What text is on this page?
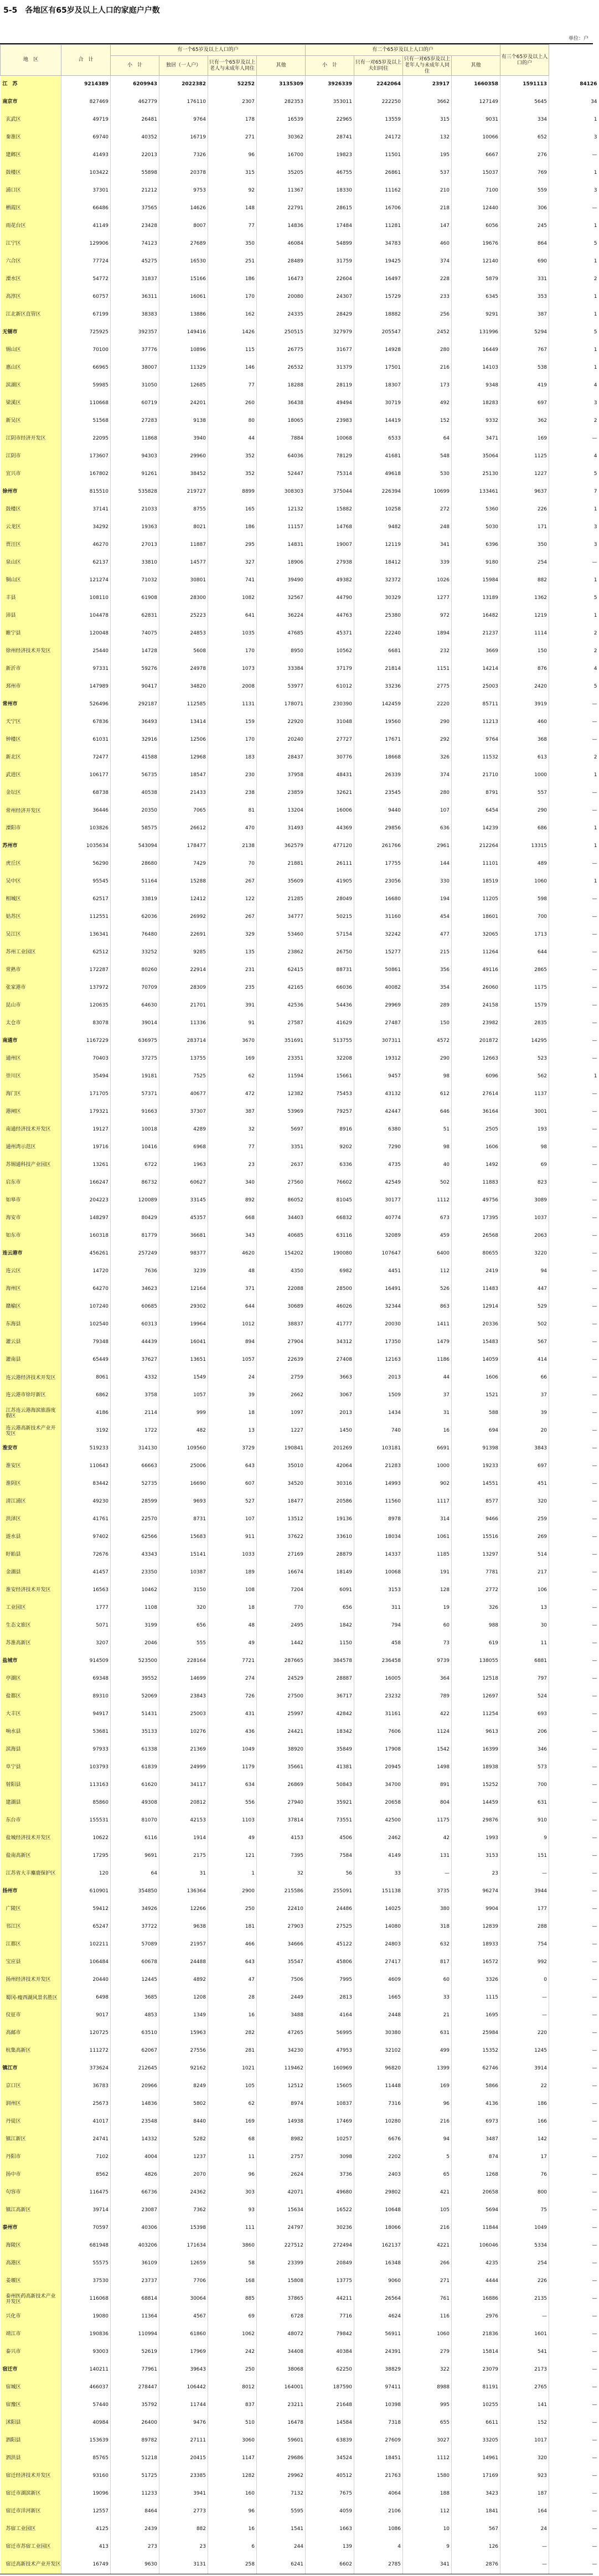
5-5　各地区有65岁及以上人口的家庭户户数
单位：户
地　区	合　计	有一个65岁及以上人口的户				有二个65岁及以上人口的户				有三个65岁及以上人口的户	
		小　计	独居（一人户）	只有一个65岁及以上老人与未成年人同住	其他	小　计	只有一对65岁及以上夫妇同住	只有一对65岁及以上老年人与未成年人同住	其他		
江　苏	9214389	6209943	2022382	52252	3135309	3926339	2242064	23917	1660358	1591113	84126
南京市	827469	462779	176110	2307	282353	353011	222250	3662	127149	5645	34
玄武区	49719	26481	9764	178	16539	22965	13559	315	9031	334	1
秦淮区	69740	40352	16719	271	30362	28741	24172	132	10066	652	3
建邺区	41493	22013	7326	96	16700	19823	11501	195	6667	276	—
鼓楼区	103422	55898	20378	315	35205	46755	26861	537	15037	769	1
浦口区	37301	21212	9753	92	11367	18330	11162	210	7100	559	3
栖霞区	66486	37565	14626	148	22791	28615	16706	218	12440	306	—
雨花台区	41149	23428	8007	77	14836	17484	11281	147	6056	245	1
江宁区	129906	74123	27689	350	46084	54899	34783	460	19676	864	5
六合区	77724	45275	16530	251	28489	31759	19425	374	12140	690	1
溧水区	54772	31837	15166	186	16473	22604	16497	228	5879	331	2
高淳区	60757	36311	16061	170	20080	24307	15729	233	6345	353	1
江北新区直管区	67199	38383	13886	162	24335	28429	18882	256	9291	387	1
无锡市	725925	392357	149416	1426	250515	327979	205547	2452	131996	5294	5
锡山区	70100	37776	10896	115	26775	31677	14928	280	16449	767	1
惠山区	66965	38007	11329	146	26532	31379	17501	216	14103	538	1
滨湖区	59985	31050	12685	77	18288	28119	18307	173	9348	419	4
梁溪区	110668	60719	24201	260	36438	49494	30719	492	18283	697	3
新吴区	51568	27283	9138	80	18065	23983	14419	152	9332	362	2
江阴市经济开发区	22095	11868	3940	44	7884	10068	6533	64	3471	169	—
江阴市	173607	94303	29960	352	64036	78129	41681	548	35064	1125	4
宜兴市	167802	91261	38452	352	52447	75314	49618	530	25130	1227	5
徐州市	815510	535828	219727	8899	308303	375044	226394	10699	133461	9637	7
鼓楼区	37141	21033	8755	165	12132	15882	10258	272	5360	226	1
云龙区	34292	19363	8021	186	11157	14768	9482	248	5030	171	3
贾汪区	46270	27013	11887	295	14831	19007	12119	341	6396	350	3
泉山区	62137	33810	14577	327	18906	27938	18412	339	9180	254	—
铜山区	121274	71032	30801	741	39490	49382	32372	1026	15984	882	1
丰县	108110	61908	28300	1082	32567	44790	30329	1277	13189	1362	5
沛县	104478	62831	25223	641	36224	44763	25380	972	16482	1219	1
睢宁县	120048	74075	24853	1035	47685	45371	22240	1894	21237	1114	2
徐州经济技术开发区	25440	14728	5608	170	8950	10562	6681	232	3669	150	2
新沂市	97331	59276	24978	1073	33384	37179	21814	1151	14214	876	4
邳州市	147989	90417	34820	2008	53977	61012	33236	2775	25003	2420	5
常州市	526496	292187	112585	1131	178071	230390	142459	2220	85711	3919	—
天宁区	67836	36493	13414	159	22920	31048	19560	290	11213	460	—
钟楼区	61031	32916	12506	170	20240	27727	17671	292	9764	368	—
新北区	72477	41588	12968	183	28437	30776	18668	326	11532	613	2
武进区	106177	56735	18547	230	37958	48431	26339	374	21710	1000	1
金坛区	68738	40538	21433	238	23859	32621	23545	280	8791	557	—
常州经济开发区	36446	20350	7065	81	13204	16006	9440	107	6454	290	—
溧阳市	103826	58575	26612	470	31493	44369	29856	636	14239	686	1
苏州市	1035634	543094	178477	2138	362579	477120	261766	2961	212264	13315	1
虎丘区	56290	28680	7429	70	21881	26111	17755	144	11101	489	—
吴中区	95545	51164	15288	267	35609	41905	23056	330	18519	1060	1
相城区	62517	33819	12412	122	21285	28049	16680	194	11205	598	—
姑苏区	112551	62036	26992	267	34777	50215	31160	454	18601	700	—
吴江区	136341	76480	22691	329	53460	57154	32242	477	32065	1713	—
苏州工业园区	62512	33252	9285	135	23862	26750	15277	215	11264	644	—
常熟市	172287	80260	22914	231	62415	88731	50861	356	49116	2865	—
张家港市	137972	70709	28309	235	42165	66036	40082	354	26060	1175	—
昆山市	120635	64630	21701	391	42536	54436	29969	289	24158	1579	—
太仓市	83078	39014	11336	91	27587	41629	27487	150	23982	2835	—
南通市	1167229	636975	283714	3670	351691	513755	307311	4572	201872	14295	—
通州区	70403	37275	13755	169	23351	32208	19312	290	12663	523	—
崇川区	35494	19181	7525	62	11594	15661	9457	98	6096	562	1
海门区	171705	57371	40677	472	12382	75453	43132	612	27614	1137	—
港闸区	179321	91663	37307	387	53969	79257	42447	646	36164	3001	—
南通经济技术开发区	19127	10018	4289	32	5697	8916	6380	51	2505	193	—
通州湾示范区	19716	10416	6968	77	3351	9202	7290	98	1606	98	—
苏锡通科技产业园区	13261	6722	1963	23	2637	6336	4735	40	1492	69	—
启东市	166247	86732	60627	340	27560	76602	42549	502	11883	823	—
如皋市	204223	120089	33145	892	86052	81045	30177	1112	49756	3089	—
海安市	148297	80429	45357	668	34403	66832	40774	673	17395	1037	—
如东市	160318	81779	36681	343	40685	63116	32089	459	26568	2063	—
连云港市	456261	257249	98377	4620	154202	190080	107647	6400	80655	3220	—
连云区	14720	7636	3239	48	4350	6982	4451	112	2419	94	—
海州区	64270	34623	12164	371	22088	28500	16491	526	11483	447	—
赣榆区	107240	60685	29302	644	30689	46026	32344	863	12914	529	—
东海县	102540	60313	19964	1012	38837	41777	20030	1411	20336	502	—
灌云县	79348	44439	16041	894	27904	34312	17350	1479	15483	567	—
灌南县	65449	37627	13651	1057	22639	27408	12163	1186	14059	414	—
连云港经济技术开发区	8061	4332	1549	24	2759	3663	2013	44	1606	66	—
连云港市徐圩新区	6862	3758	1057	39	2662	3067	1509	37	1521	37	—
江苏连云港海滨旅游度假区	4186	2114	999	18	1097	2013	1434	31	588	39	—
连云港高新技术产业开发区	3192	1722	482	13	1227	1450	740	16	694	20	—
淮安市	519233	314130	109560	3729	190841	201269	103181	6691	91398	3843	—
淮安区	110643	66663	25006	643	35010	42064	21283	1000	19233	697	—
淮阴区	83442	52735	16690	607	34520	30316	14993	902	14551	451	—
清江浦区	49230	28599	9693	527	18477	20586	11560	1117	8577	320	—
洪泽区	41761	22570	8731	107	13512	19136	8978	314	9466	259	—
涟水县	97402	62566	15683	911	37622	33610	18034	1061	15516	269	—
盱眙县	72676	43343	15141	1033	27169	28879	14337	1185	13297	514	—
金湖县	41457	23350	10387	189	16674	18149	10068	191	7781	217	—
淮安经济技术开发区	16563	10462	3150	108	7204	6091	3153	128	2772	106	—
工业园区	1777	1108	320	18	770	656	311	19	326	13	—
生态文旅区	5071	3199	656	48	2495	1842	794	60	988	30	—
苏淮高新区	3207	2046	555	49	1442	1150	458	73	619	11	—
盐城市	914509	523500	228164	7721	287665	384578	236458	9739	138055	6881	—
亭湖区	69348	39552	14699	274	24529	28887	16005	364	12518	797	—
盐都区	89310	52069	23843	726	27500	36717	23232	789	12697	524	—
大丰区	94917	51431	25003	431	25997	42842	31161	422	11254	693	—
响水县	53681	35133	10276	436	24421	18342	7606	1124	9613	206	—
滨海县	97933	61338	21369	1049	38920	35849	17908	1542	16399	346	—
阜宁县	103793	61839	24999	1179	35661	41381	20945	1498	18938	573	—
射阳县	113163	61620	34117	634	26869	50843	34700	891	15252	700	—
建湖县	85860	49308	20812	556	27940	35921	20658	804	14459	631	—
东台市	155531	81070	42153	1103	37814	73551	42500	1175	29876	910	—
盐城经济技术开发区	10622	6116	1914	49	4153	4506	2462	42	1993	9	—
盐南高新区	17295	9691	2175	121	7395	7584	4149	131	3153	151	—
江苏省大丰麋鹿保护区	120	64	31	1	32	56	33	—	23	—	—
扬州市	610901	354850	136364	2900	215586	255091	151138	3735	96274	3944	—
广陵区	59412	34926	12266	250	22410	24486	14025	380	9904	177	—
邗江区	65247	37722	9638	181	27903	27525	14080	318	12839	288	—
江都区	102211	57089	21957	466	34666	45122	24803	632	18933	754	—
宝应县	106484	60678	24488	643	35547	45806	27417	817	16572	992	—
扬州经济技术开发区	20440	12445	4892	47	7506	7995	4609	60	3326	0	—
蜀冈-瘦西湖风景名胜区	6498	3685	1208	28	2449	2813	1665	33	1115	—	—
仪征市	9017	4853	1349	16	3488	4164	2448	21	1695	—	—
高邮市	120725	63510	15963	282	47265	56995	30380	631	25984	220	—
杭集高新区	111272	62067	27556	281	34230	47953	32102	499	15352	1245	—
镇江市	373624	212645	92162	1021	119462	160969	96820	1399	62746	3914	—
京口区	36783	20966	8249	105	12512	15605	11448	169	5866	22	—
润州区	25673	14836	5802	62	8974	10837	7316	96	4136	186	—
丹徒区	41017	23548	8440	169	14938	17469	10280	216	6973	166	—
镇江新区	24741	14332	5282	68	8982	10257	6676	94	3487	142	—
丹阳市	7102	4004	1237	11	2757	3098	2202	5	874	17	—
扬中市	8562	4826	2070	96	2624	3736	2403	65	1268	76	—
句容市	116475	66736	24362	303	42071	49680	29802	421	20658	800	—
镇江高新区	39714	23087	7362	93	15634	16522	10648	105	5694	75	—
泰州市	70597	40306	15398	111	24797	30236	18066	216	11844	1049	—
海陵区	681948	403206	171634	3860	227512	272494	162137	4221	106046	5334	—
高港区	55575	36109	12659	58	23399	20849	16348	266	4235	254	—
姜堰区	37530	23737	7706	168	15808	13775	9060	271	4444	226	—
泰州医药高新技术产业开发区	116068	68814	30064	885	37865	44211	26564	761	16886	2135	—
兴化市	19080	11364	4567	69	6728	7716	4624	116	2976	—	—
靖江市	190836	110994	61860	1062	48072	79842	56911	1060	21836	1601	—
泰兴市	93003	52619	17969	242	34408	40384	24391	279	15814	541	—
宿迁市	140211	77961	39643	250	38068	62250	38829	322	23079	2173	—
宿城区	466037	278447	106442	8012	164001	187590	97411	8988	81191	2765	—
宿豫区	57440	35792	11744	837	23211	21648	10398	995	10255	141	—
沭阳县	40984	26400	9476	510	16478	14584	7318	655	6611	152	—
泗阳县	153639	89782	27111	3060	59601	63839	27609	3027	33205	1017	—
泗洪县	85765	51218	20415	1147	29686	34524	18451	1112	14961	320	—
宿迁经济技术开发区	93160	51725	23385	1282	29962	40512	21763	1580	17169	923	—
宿迁市湖滨新区	19096	11233	3941	160	7132	7675	4064	188	3423	187	—
宿迁市洋河新区	12557	8464	2773	96	5595	4059	2106	112	1841	164	—
苏宿工业园区	4125	2439	882	16	1541	1663	1086	10	567	24	—
宿迁市苏宿工业园区	413	273	23	6	244	139	4	9	126	—	—
宿迁高新技术产业开发区	16749	9630	3131	258	6241	6602	2785	341	2876	—	—
